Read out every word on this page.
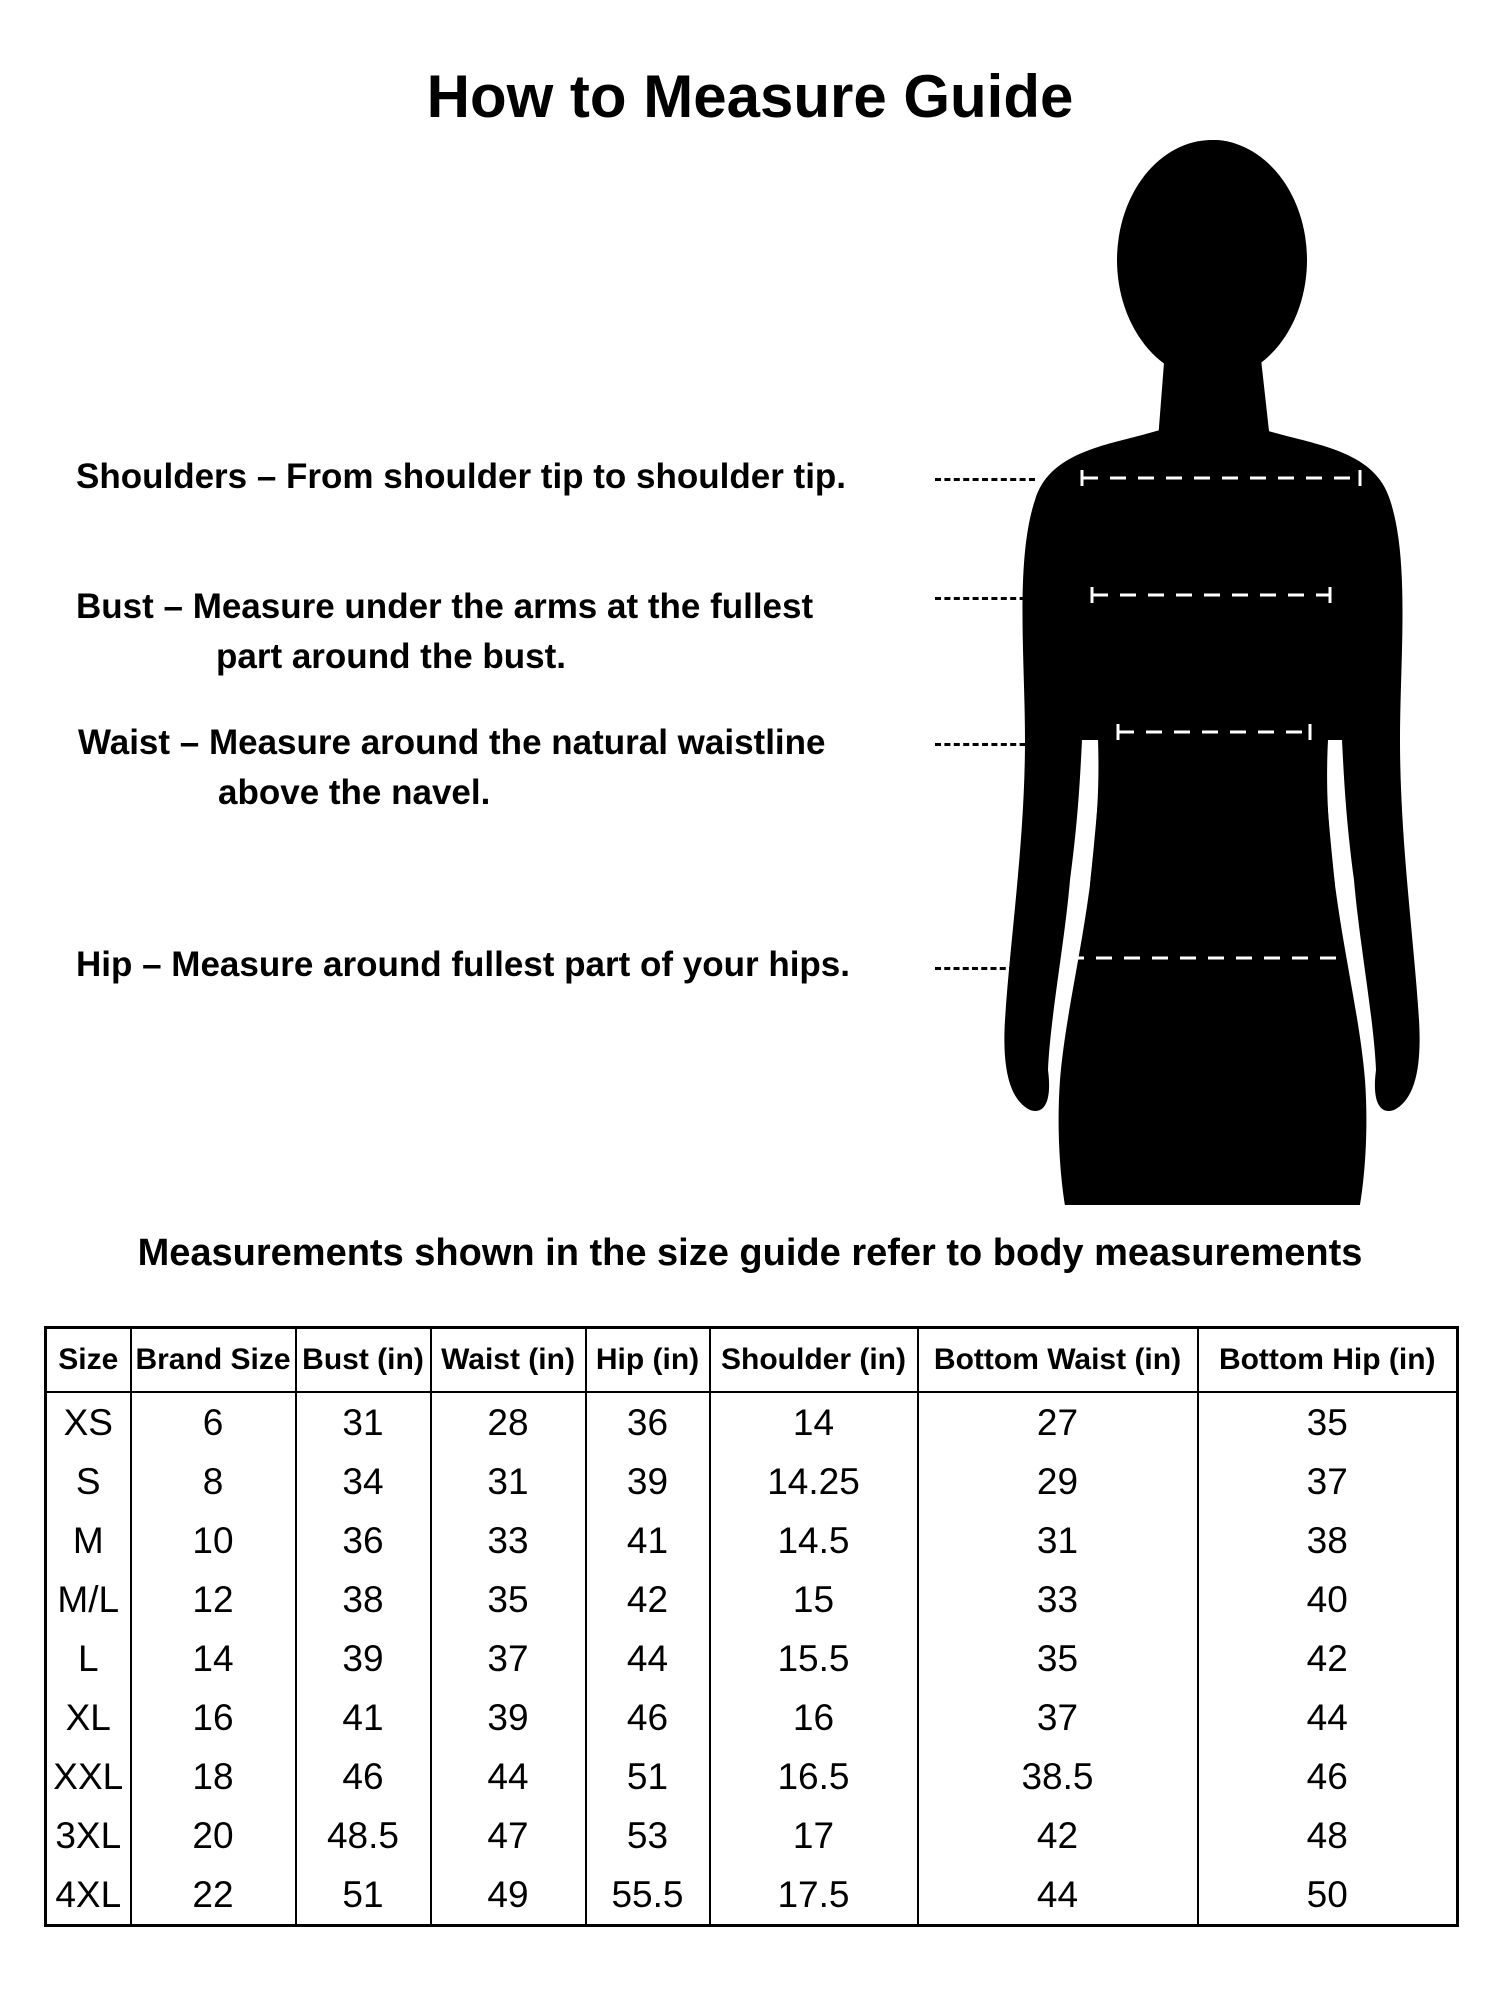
How to Measure Guide
Shoulders – From shoulder tip to shoulder tip.
Bust – Measure under the arms at the fullest
part around the bust.
Waist – Measure around the natural waistline
above the navel.
Hip – Measure around fullest part of your hips.
Measurements shown in the size guide refer to body measurements
Size	Brand Size	Bust (in)	Waist (in)	Hip (in)	Shoulder (in)	Bottom Waist (in)	Bottom Hip (in)
XS	6	31	28	36	14	27	35
S	8	34	31	39	14.25	29	37
M	10	36	33	41	14.5	31	38
M/L	12	38	35	42	15	33	40
L	14	39	37	44	15.5	35	42
XL	16	41	39	46	16	37	44
XXL	18	46	44	51	16.5	38.5	46
3XL	20	48.5	47	53	17	42	48
4XL	22	51	49	55.5	17.5	44	50
